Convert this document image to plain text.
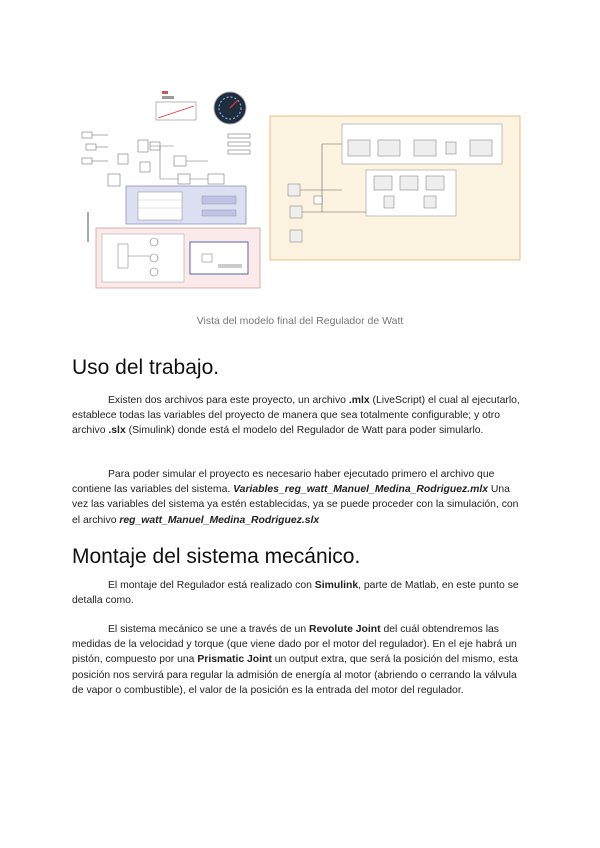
Vista del modelo final del Regulador de Watt
Uso del trabajo.

Existen dos archivos para este proyecto, un archivo .mlx (LiveScript) el cual al ejecutarlo, establece todas las variables del proyecto de manera que sea totalmente configurable; y otro archivo .slx (Simulink) donde está el modelo del Regulador de Watt para poder simularlo.

Para poder simular el proyecto es necesario haber ejecutado primero el archivo que contiene las variables del sistema. Variables_reg_watt_Manuel_Medina_Rodriguez.mlx Una vez las variables del sistema ya estén establecidas, ya se puede proceder con la simulación, con el archivo reg_watt_Manuel_Medina_Rodriguez.slx

Montaje del sistema mecánico.

El montaje del Regulador está realizado con Simulink, parte de Matlab, en este punto se detalla como.

El sistema mecánico se une a través de un Revolute Joint del cuál obtendremos las medidas de la velocidad y torque (que viene dado por el motor del regulador). En el eje habrá un pistón, compuesto por una Prismatic Joint un output extra, que será la posición del mismo, esta posición nos servirá para regular la admisión de energía al motor (abriendo o cerrando la válvula de vapor o combustible), el valor de la posición es la entrada del motor del regulador.
